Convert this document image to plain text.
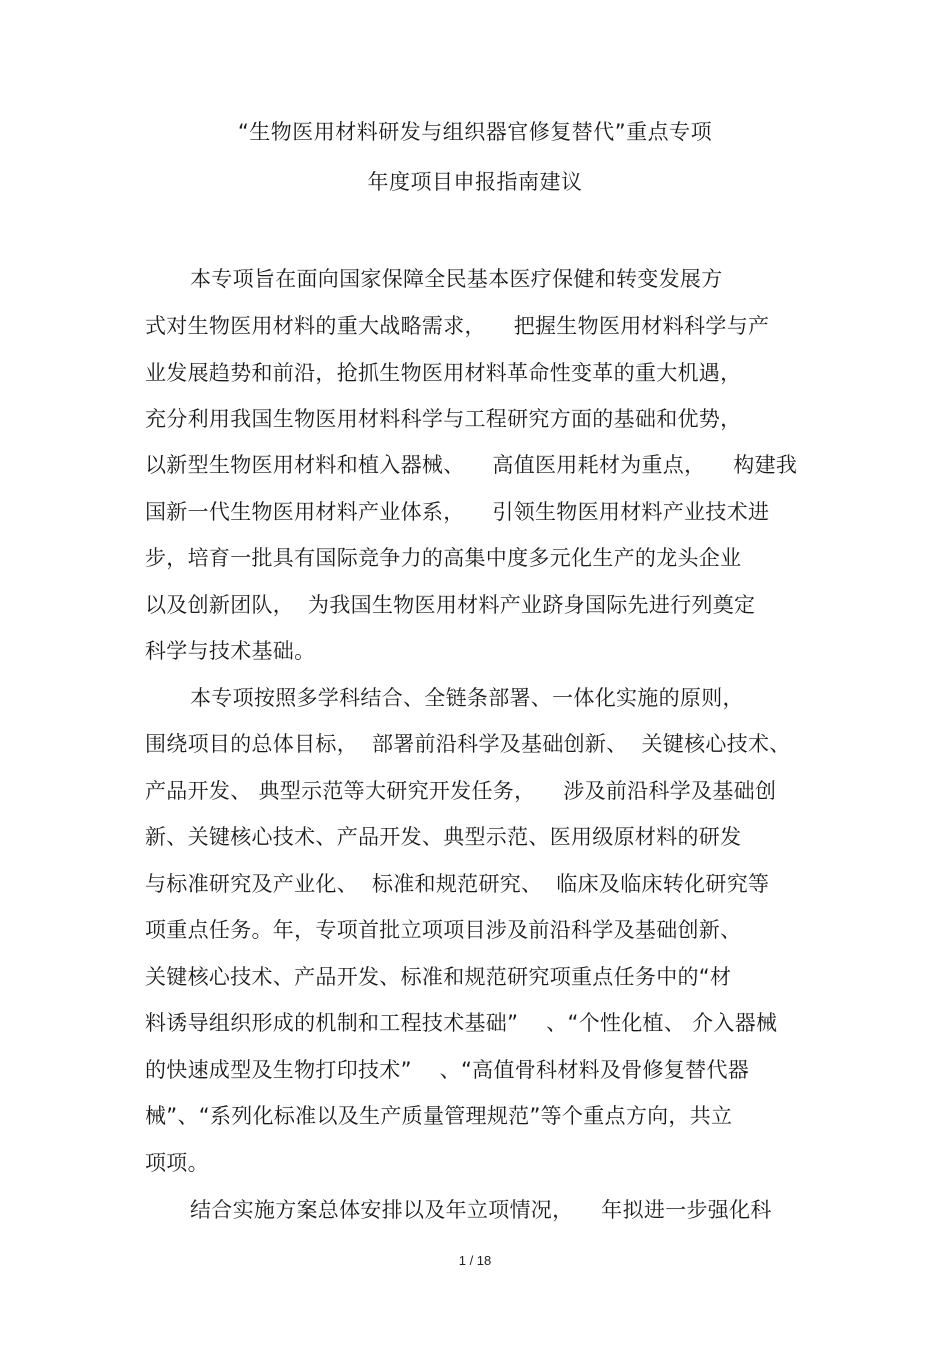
“生物医用材料研发与组织器官修复替代”重点专项
年度项目申报指南建议
本专项旨在面向国家保障全民基本医疗保健和转变发展方
式对生物医用材料的重大战略需求，    把握生物医用材料科学与产
业发展趋势和前沿，抢抓生物医用材料革命性变革的重大机遇，
充分利用我国生物医用材料科学与工程研究方面的基础和优势，
以新型生物医用材料和植入器械、    高值医用耗材为重点，    构建我
国新一代生物医用材料产业体系，    引领生物医用材料产业技术进
步，培育一批具有国际竞争力的高集中度多元化生产的龙头企业
以及创新团队，  为我国生物医用材料产业跻身国际先进行列奠定
科学与技术基础。
本专项按照多学科结合、全链条部署、一体化实施的原则，
围绕项目的总体目标，  部署前沿科学及基础创新、  关键核心技术、
产品开发、 典型示范等大研究开发任务，    涉及前沿科学及基础创
新、关键核心技术、产品开发、典型示范、医用级原材料的研发
与标准研究及产业化、  标准和规范研究、  临床及临床转化研究等
项重点任务。年，专项首批立项项目涉及前沿科学及基础创新、
关键核心技术、产品开发、标准和规范研究项重点任务中的“材
料诱导组织形成的机制和工程技术基础”    、“个性化植、 介入器械
的快速成型及生物打印技术”    、“高值骨科材料及骨修复替代器
械”、“系列化标准以及生产质量管理规范”等个重点方向，共立
项项。
结合实施方案总体安排以及年立项情况，    年拟进一步强化科
1 / 18
